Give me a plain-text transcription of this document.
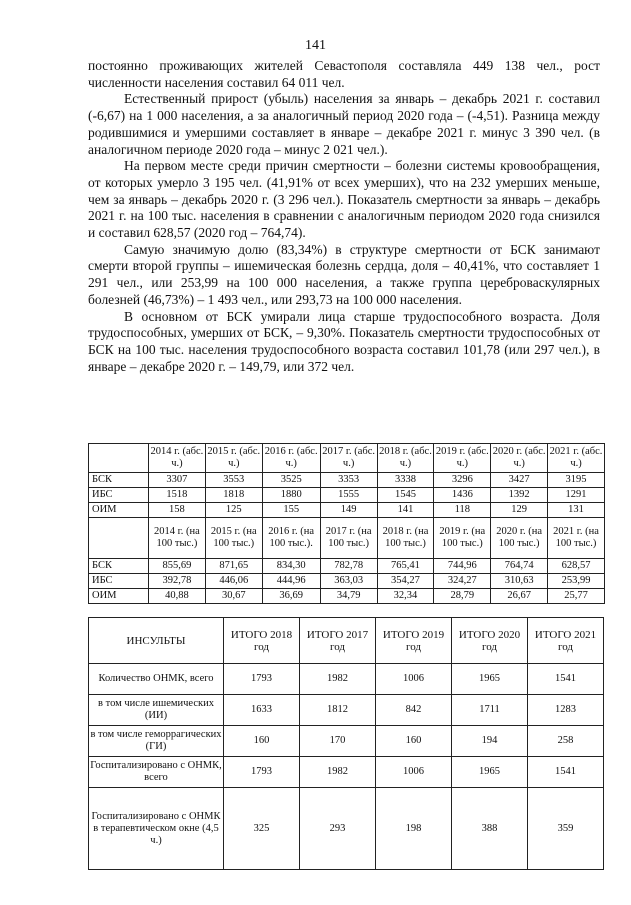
141

постоянно проживающих жителей Севастополя составляла 449 138 чел., рост численности населения составил 64 011 чел.

Естественный прирост (убыль) населения за январь – декабрь 2021 г. составил (-6,67) на 1 000 населения, а за аналогичный период 2020 года – (-4,51). Разница между родившимися и умершими составляет в январе – декабре 2021 г. минус 3 390 чел. (в аналогичном периоде 2020 года – минус 2 021 чел.).

На первом месте среди причин смертности – болезни системы кровообращения, от которых умерло 3 195 чел. (41,91% от всех умерших), что на 232 умерших меньше, чем за январь – декабрь 2020 г. (3 296 чел.). Показатель смертности за январь – декабрь 2021 г. на 100 тыс. населения в сравнении с аналогичным периодом 2020 года снизился и составил 628,57 (2020 год – 764,74).

Самую значимую долю (83,34%) в структуре смертности от БСК занимают смерти второй группы – ишемическая болезнь сердца, доля – 40,41%, что составляет 1 291 чел., или 253,99 на 100 000 населения, а также группа цереброваскулярных болезней (46,73%) – 1 493 чел., или 293,73 на 100 000 населения.

В основном от БСК умирали лица старше трудоспособного возраста. Доля трудоспособных, умерших от БСК, – 9,30%. Показатель смертности трудоспособных от БСК на 100 тыс. населения трудоспособного возраста составил 101,78 (или 297 чел.), в январе – декабре 2020 г. – 149,79, или 372 чел.

	2014 г. (абс. ч.)	2015 г. (абс. ч.)	2016 г. (абс. ч.)	2017 г. (абс. ч.)	2018 г. (абс. ч.)	2019 г. (абс. ч.)	2020 г. (абс. ч.)	2021 г. (абс. ч.)
БСК	3307	3553	3525	3353	3338	3296	3427	3195
ИБС	1518	1818	1880	1555	1545	1436	1392	1291
ОИМ	158	125	155	149	141	118	129	131
	2014 г. (на 100 тыс.)	2015 г. (на 100 тыс.)	2016 г. (на 100 тыс.).	2017 г. (на 100 тыс.)	2018 г. (на 100 тыс.)	2019 г. (на 100 тыс.)	2020 г. (на 100 тыс.)	2021 г. (на 100 тыс.)
БСК	855,69	871,65	834,30	782,78	765,41	744,96	764,74	628,57
ИБС	392,78	446,06	444,96	363,03	354,27	324,27	310,63	253,99
ОИМ	40,88	30,67	36,69	34,79	32,34	28,79	26,67	25,77
ИНСУЛЬТЫ	ИТОГО 2018 год	ИТОГО 2017 год	ИТОГО 2019 год	ИТОГО 2020 год	ИТОГО 2021 год
Количество ОНМК, всего	1793	1982	1006	1965	1541
в том числе ишемических (ИИ)	1633	1812	842	1711	1283
в том числе геморрагических (ГИ)	160	170	160	194	258
Госпитализировано с ОНМК, всего	1793	1982	1006	1965	1541
Госпитализировано с ОНМК в терапевтическом окне (4,5 ч.)	325	293	198	388	359
